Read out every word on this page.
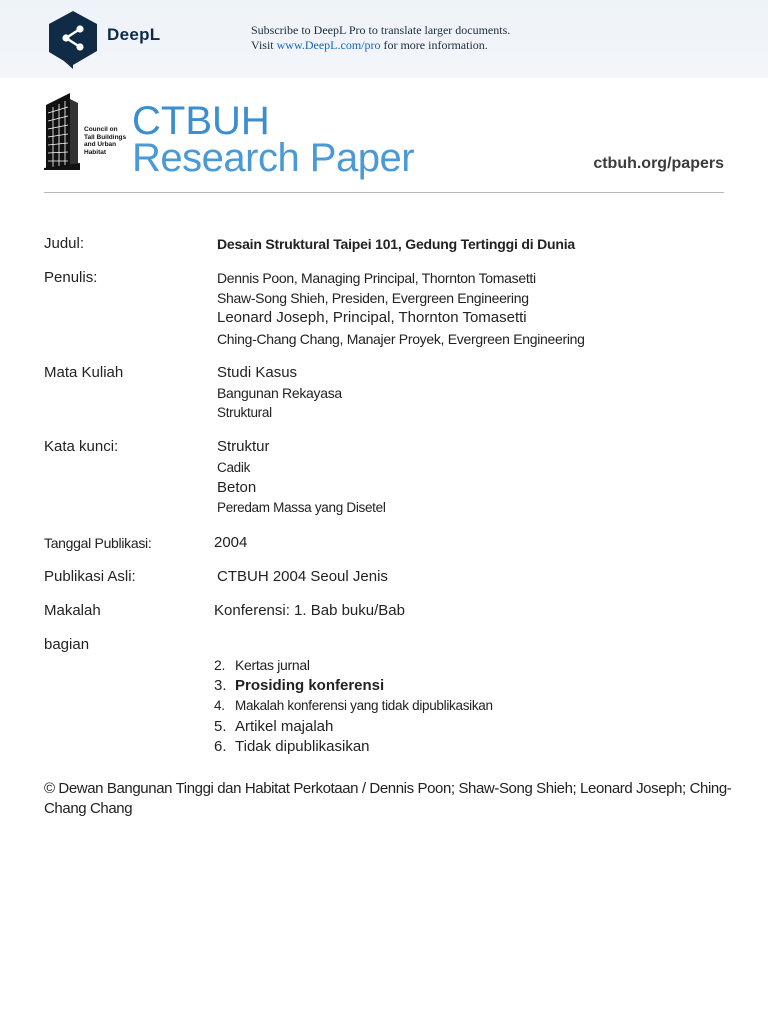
DeepL	Subscribe to DeepL Pro to translate larger documents.
Visit www.DeepL.com/pro for more information.
Council on Tall Buildings and Urban Habitat
CTBUH
Research Paper	ctbuh.org/papers
Judul:	Desain Struktural Taipei 101, Gedung Tertinggi di Dunia
Penulis:	Dennis Poon, Managing Principal, Thornton Tomasetti
Shaw-Song Shieh, Presiden, Evergreen Engineering
Leonard Joseph, Principal, Thornton Tomasetti
Ching-Chang Chang, Manajer Proyek, Evergreen Engineering
Mata Kuliah	Studi Kasus
Bangunan Rekayasa
Struktural
Kata kunci:	Struktur
Cadik
Beton
Peredam Massa yang Disetel
Tanggal Publikasi:	2004
Publikasi Asli:	CTBUH 2004 Seoul Jenis
Makalah	Konferensi: 1. Bab buku/Bab
bagian
2. Kertas jurnal
3. Prosiding konferensi
4. Makalah konferensi yang tidak dipublikasikan
5. Artikel majalah
6. Tidak dipublikasikan
© Dewan Bangunan Tinggi dan Habitat Perkotaan / Dennis Poon; Shaw-Song Shieh; Leonard Joseph; Ching-Chang Chang
